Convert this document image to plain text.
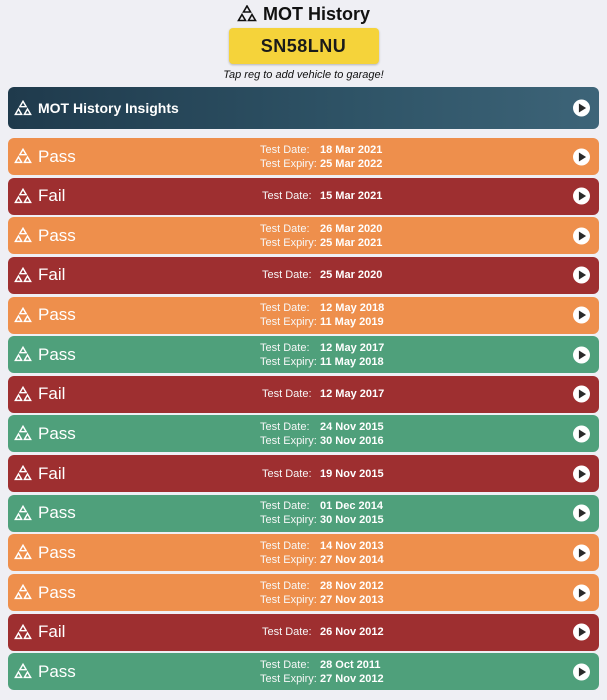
MOT History
SN58LNU
Tap reg to add vehicle to garage!
MOT History Insights
Pass	Test Date: 18 Mar 2021
Test Expiry: 25 Mar 2022
Fail	Test Date: 15 Mar 2021
Pass	Test Date: 26 Mar 2020
Test Expiry: 25 Mar 2021
Fail	Test Date: 25 Mar 2020
Pass	Test Date: 12 May 2018
Test Expiry: 11 May 2019
Pass	Test Date: 12 May 2017
Test Expiry: 11 May 2018
Fail	Test Date: 12 May 2017
Pass	Test Date: 24 Nov 2015
Test Expiry: 30 Nov 2016
Fail	Test Date: 19 Nov 2015
Pass	Test Date: 01 Dec 2014
Test Expiry: 30 Nov 2015
Pass	Test Date: 14 Nov 2013
Test Expiry: 27 Nov 2014
Pass	Test Date: 28 Nov 2012
Test Expiry: 27 Nov 2013
Fail	Test Date: 26 Nov 2012
Pass	Test Date: 28 Oct 2011
Test Expiry: 27 Nov 2012
